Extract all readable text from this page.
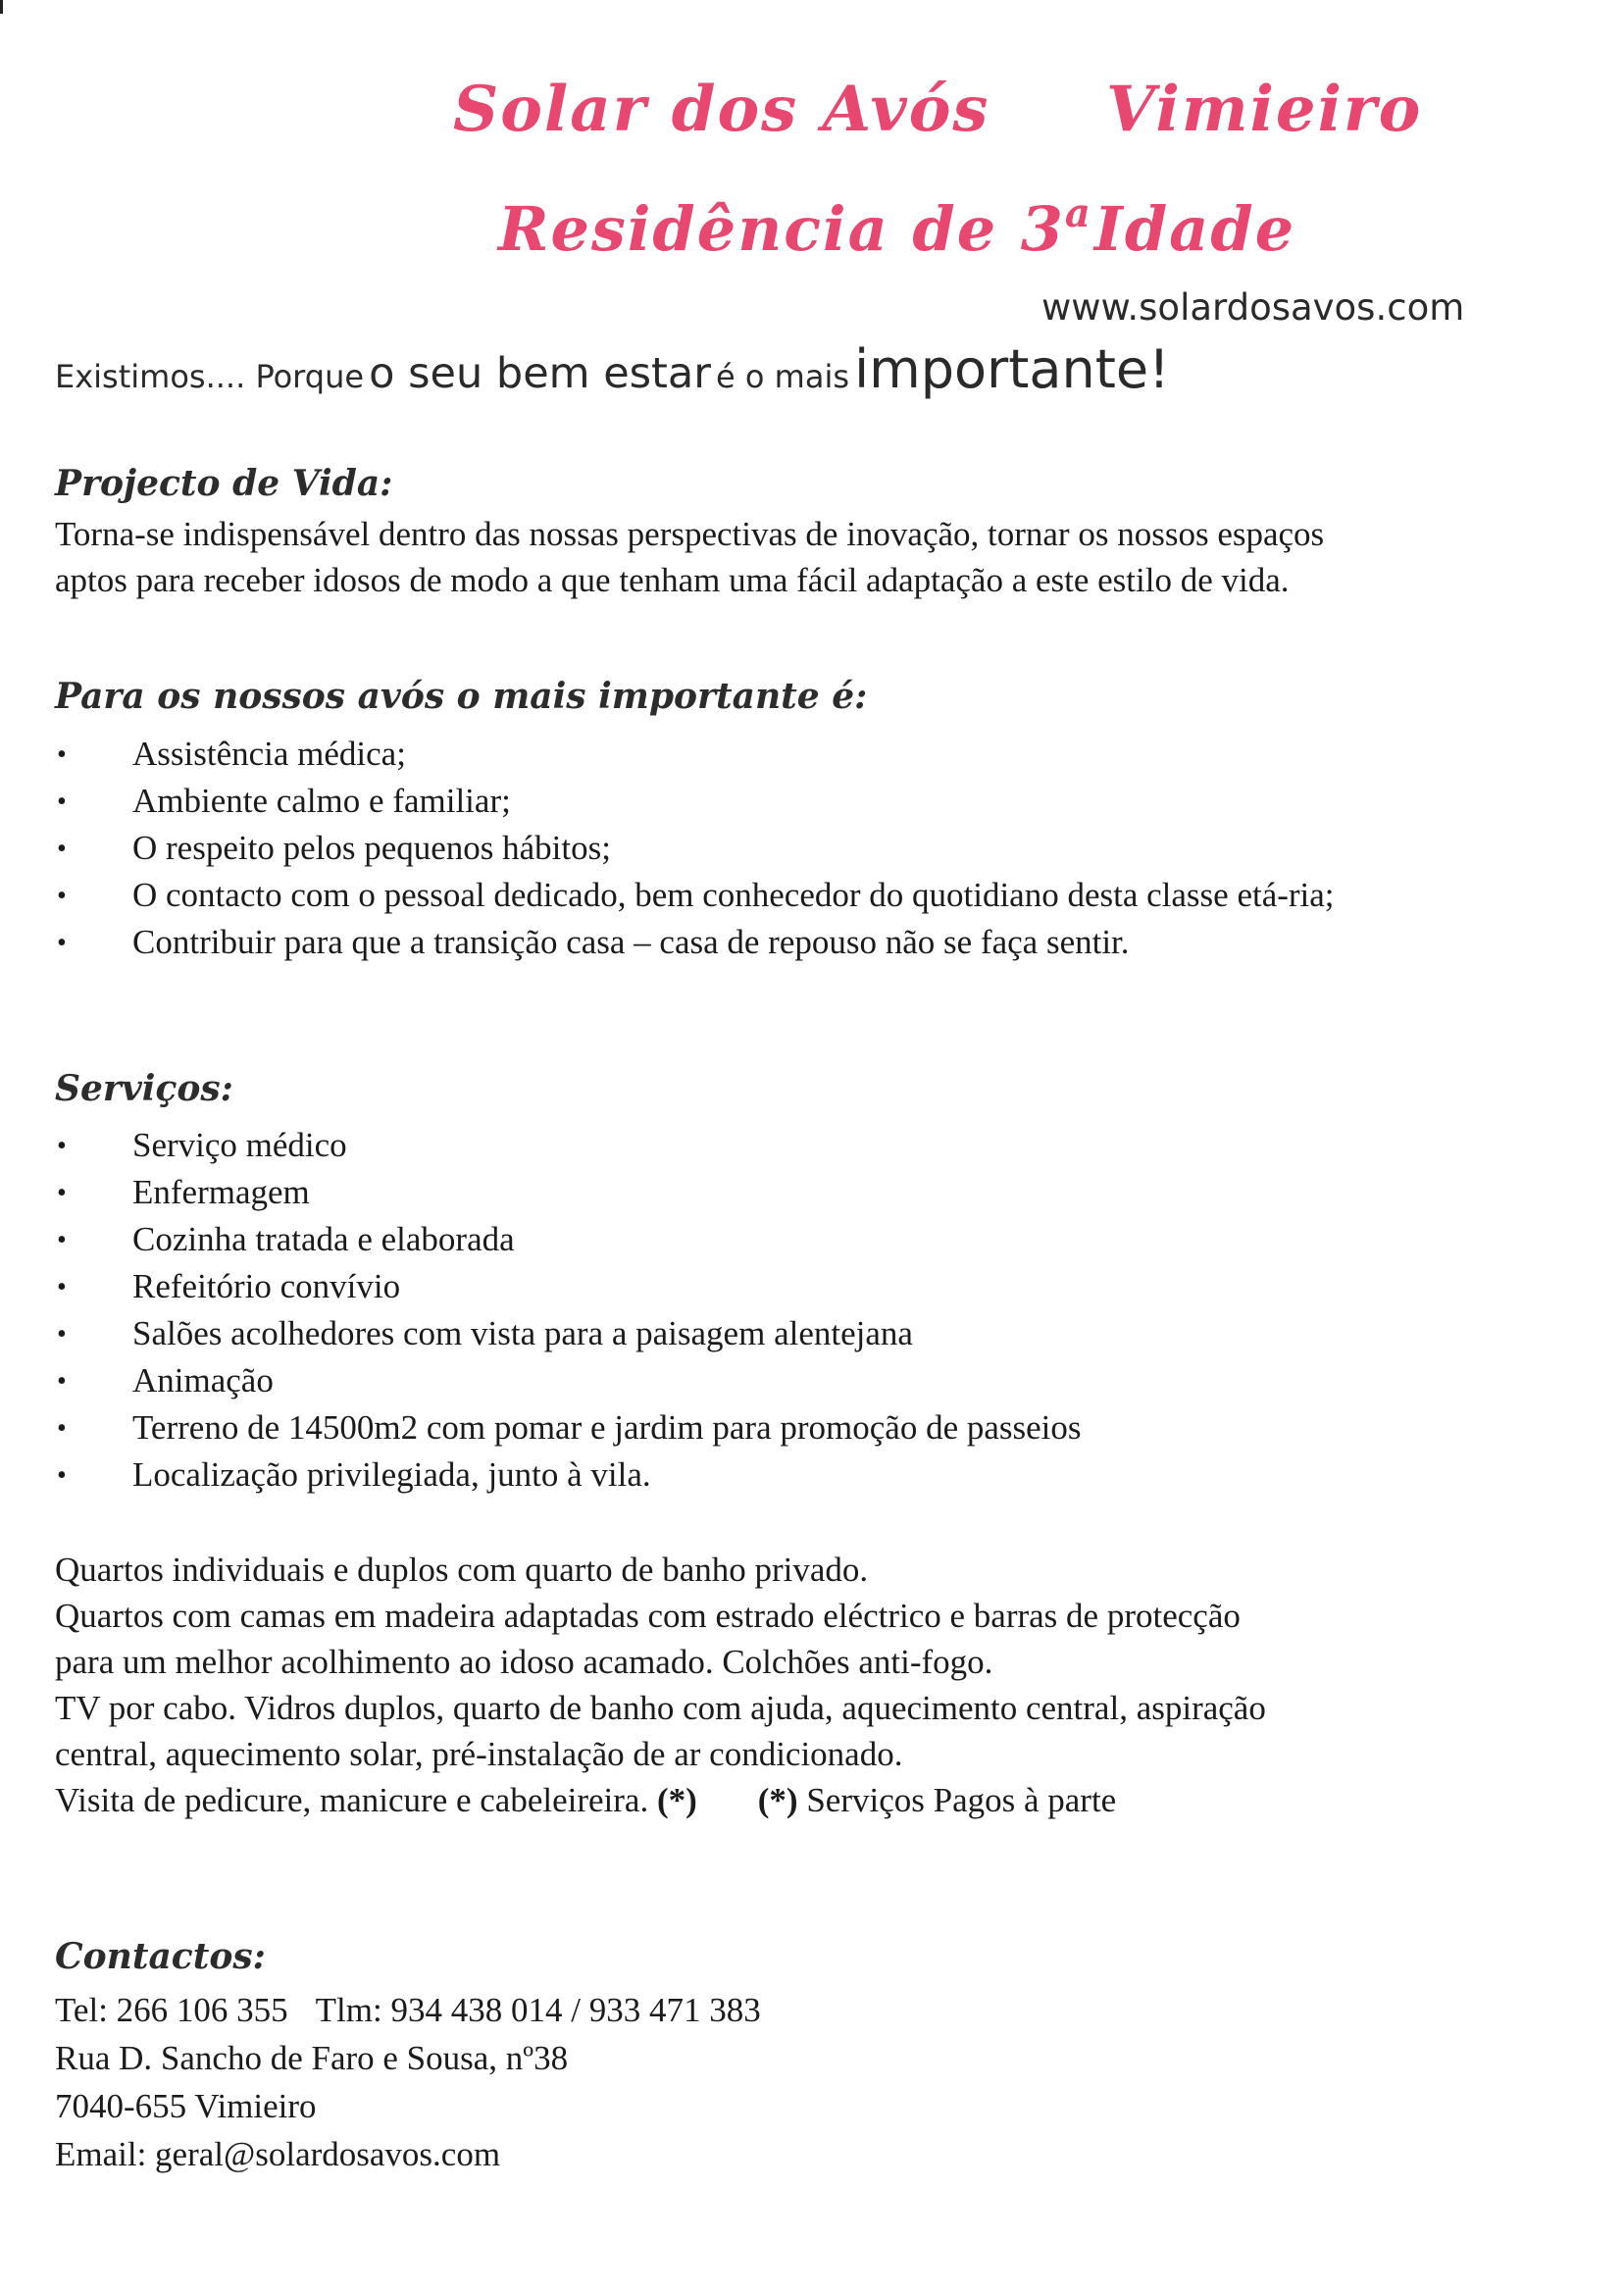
Solar dos Avós Vimieiro
Residência de 3$^a$Idade
www.solardosavos.com
Existimos.... Porque o seu bem estar é o mais importante!
Projecto de Vida:
Torna-se indispensável dentro das nossas perspectivas de inovação, tornar os nossos espaços
aptos para receber idosos de modo a que tenham uma fácil adaptação a este estilo de vida.
Para os nossos avós o mais importante é:
• Assistência médica;
• Ambiente calmo e familiar;
• O respeito pelos pequenos hábitos;
• O contacto com o pessoal dedicado, bem conhecedor do quotidiano desta classe etá-ria;
• Contribuir para que a transição casa – casa de repouso não se faça sentir.
Serviços:
• Serviço médico
• Enfermagem
• Cozinha tratada e elaborada
• Refeitório convívio
• Salões acolhedores com vista para a paisagem alentejana
• Animação
• Terreno de 14500m2 com pomar e jardim para promoção de passeios
• Localização privilegiada, junto à vila.
Quartos individuais e duplos com quarto de banho privado.
Quartos com camas em madeira adaptadas com estrado eléctrico e barras de protecção
para um melhor acolhimento ao idoso acamado. Colchões anti-fogo.
TV por cabo. Vidros duplos, quarto de banho com ajuda, aquecimento central, aspiração
central, aquecimento solar, pré-instalação de ar condicionado.
Visita de pedicure, manicure e cabeleireira. (*) (*) Serviços Pagos à parte
Contactos:
Tel: 266 106 355 Tlm: 934 438 014 / 933 471 383
Rua D. Sancho de Faro e Sousa, nº38
7040-655 Vimieiro
Email: geral@solardosavos.com
